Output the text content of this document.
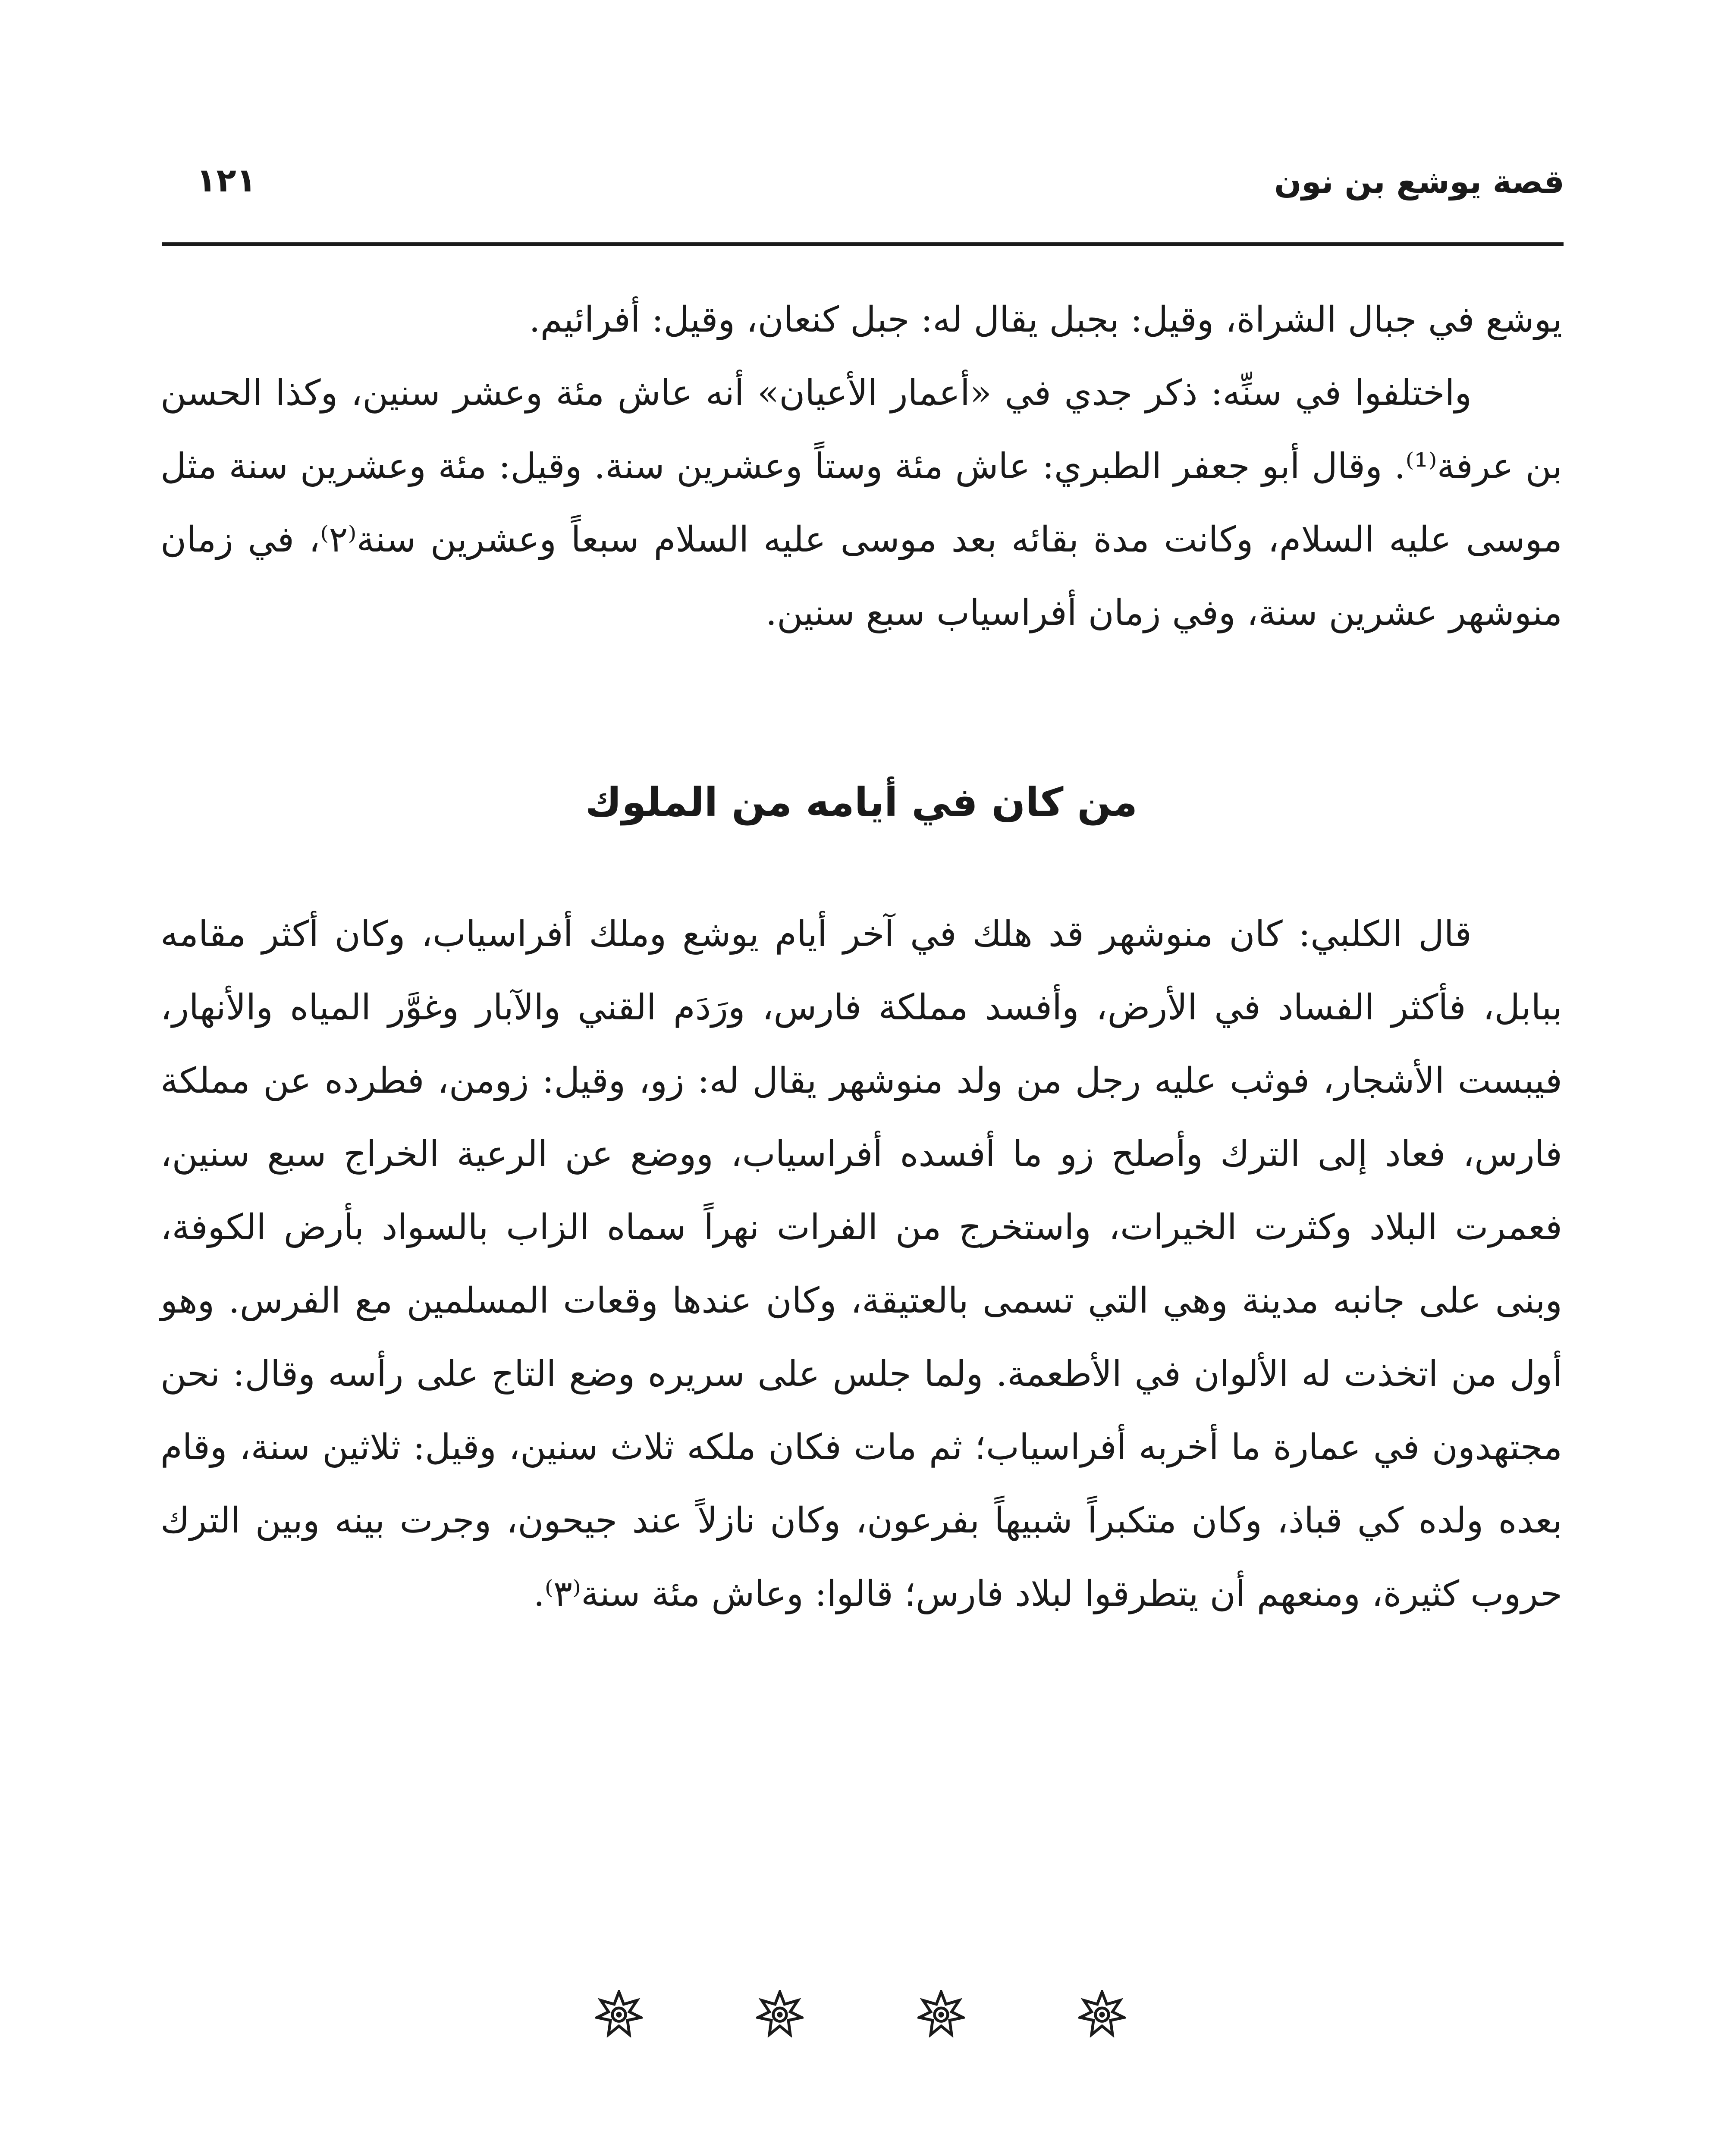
قصة يوشع بن نون
١٢١

يوشع في جبال الشراة، وقيل: بجبل يقال له: جبل كنعان، وقيل: أفرائيم.

واختلفوا في سنِّه: ذكر جدي في «أعمار الأعيان» أنه عاش مئة وعشر سنين، وكذا الحسن بن عرفة⁽¹⁾. وقال أبو جعفر الطبري: عاش مئة وستاً وعشرين سنة. وقيل: مئة وعشرين سنة مثل موسى عليه السلام، وكانت مدة بقائه بعد موسى عليه السلام سبعاً وعشرين سنة⁽٢⁾، في زمان منوشهر عشرين سنة، وفي زمان أفراسياب سبع سنين.

من كان في أيامه من الملوك

قال الكلبي: كان منوشهر قد هلك في آخر أيام يوشع وملك أفراسياب، وكان أكثر مقامه ببابل، فأكثر الفساد في الأرض، وأفسد مملكة فارس، ورَدَم القني والآبار وغوَّر المياه والأنهار، فيبست الأشجار، فوثب عليه رجل من ولد منوشهر يقال له: زو، وقيل: زومن، فطرده عن مملكة فارس، فعاد إلى الترك وأصلح زو ما أفسده أفراسياب، ووضع عن الرعية الخراج سبع سنين، فعمرت البلاد وكثرت الخيرات، واستخرج من الفرات نهراً سماه الزاب بالسواد بأرض الكوفة، وبنى على جانبه مدينة وهي التي تسمى بالعتيقة، وكان عندها وقعات المسلمين مع الفرس. وهو أول من اتخذت له الألوان في الأطعمة. ولما جلس على سريره وضع التاج على رأسه وقال: نحن مجتهدون في عمارة ما أخربه أفراسياب؛ ثم مات فكان ملكه ثلاث سنين، وقيل: ثلاثين سنة، وقام بعده ولده كي قباذ، وكان متكبراً شبيهاً بفرعون، وكان نازلاً عند جيحون، وجرت بينه وبين الترك حروب كثيرة، ومنعهم أن يتطرقوا لبلاد فارس؛ قالوا: وعاش مئة سنة⁽٣⁾.
